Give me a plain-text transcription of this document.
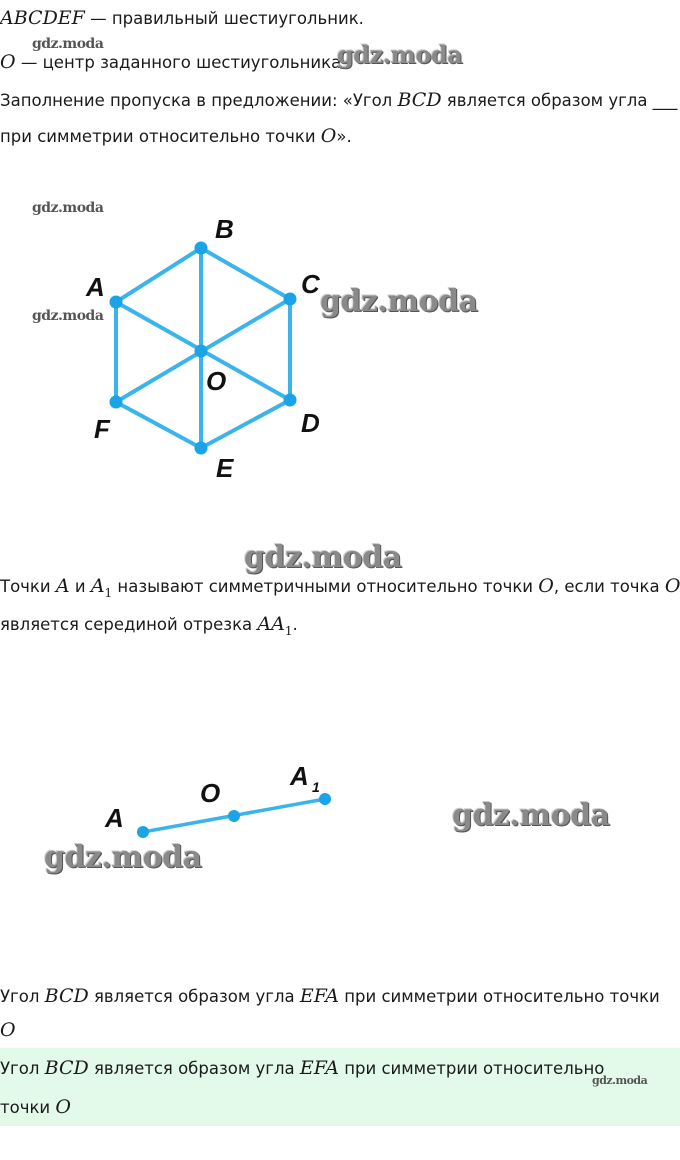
ABCDEF — правильный шестиугольник.
O — центр заданного шестиугольника.
Заполнение пропуска в предложении: «Угол BCD является образом угла ___
при симметрии относительно точки O».
B
A	C
O
D
F
E
Точки A и $A_1$ называют симметричными относительно точки O, если точка O
является серединой отрезка $AA_1$.
A
O
A 1
Угол BCD является образом угла EFA при симметрии относительно точки
O
Угол BCD является образом угла EFA при симметрии относительно
точки O
gdz.moda	gdz.moda
gdz.moda
gdz.moda	gdz.moda
gdz.moda
gdz.moda
gdz.moda
gdz.moda
